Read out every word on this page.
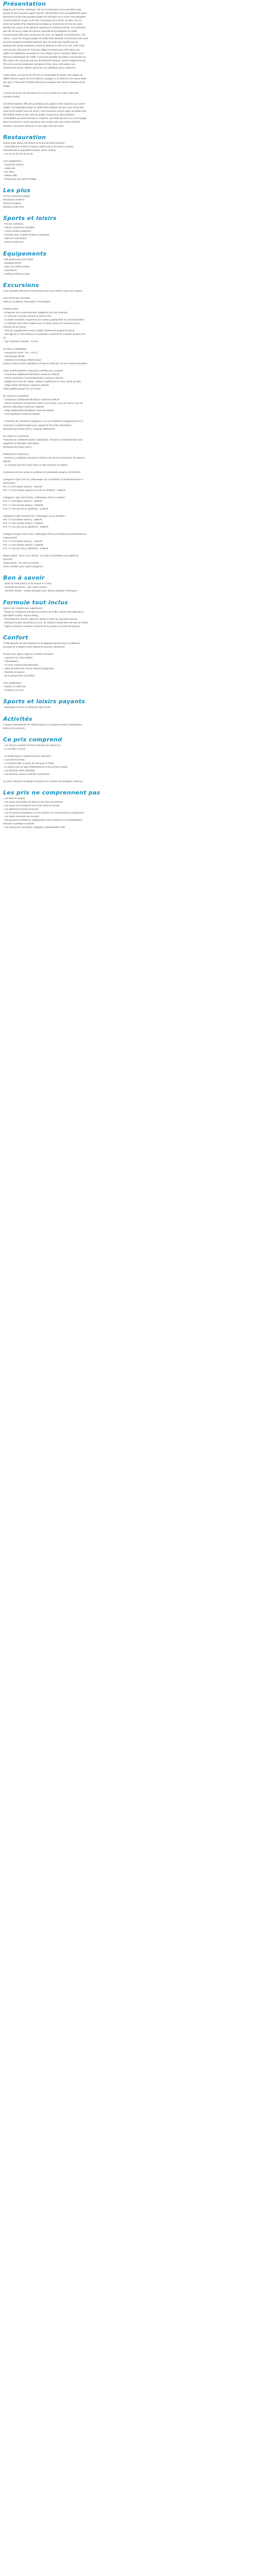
Présentation
Baignée par l'Océan Atlantique, l'île de Fuerteventura est la deuxième plus
grande île des Canaries après Tenerife. Elle bénéficie d'un ensoleillement quasi
permanent et des plus grandes plages de l'archipel. On y trouve des paysages
colorés tantôt de rouge ou de terre volcanique (au centre), du blanc de ses
dunes de sables (Parc Natural de Corralejo au nord) et du vert de ses oasis
plantées de cactus et de palmiers rappelant le continent africain. Fou étonnant
que l'île ait reçu le statut de réserve naturelle de la biosphère en 2009!
Fuerteventura offre pour sa douceur de vivre, on l'appelle communément « l'île
calme », pour ses longues plages de sable blanc (incitant au farniente mais aussi
pour les amateurs d'activité sportive). Elle est aussi très réputée pour la
pratique des sports nautiques comme la planche à voile ou le surf. Côté visite,
vous pourrez découvrir le charmant village de Betancuria niché dans une
vallée à la végétation luxuriante ou vous diriger vers le nord pour flâner sur le
petit port authentique de Cotillo. Il est aussi possible de passer une journée sur
l'île voisine de Lanzarote (20 min de traversée bateau). Sachez également que
l'île est le premier producteur européen d'Aloe Vera, cette plante aux
nombreuses vertus, utilisée aussi bien en esthétique qu'en médecine.
Costa calma, au sud est de l'île est un vrai paradis de sable ! Des plages de
sables blancs à perte de vue invitant le voyageur à la détente et au repos. Mais
pas que ! C'est aussi l'endroit idéal pour la pratique des sports nautiques et du
buggy.
À moins de 60 km de l'aéroport et à 2 km du centre de Costa Calma (20
minutes à pied).
Cet hôtel moderne offre des prestations de qualité et des chambres au confort
soigné. Sa magnifique plage de sable blanc baignée par des eaux turquoises
vous feront oublier tous vos soucis ! Des vacances sous le signe du plaisir avec
des buffets variés et des mets de qualité chaque jour, des chambres
confortables aux tons lumineux et colorées, une belle piscine et un accès plage
direct ou encore le centre Despacio Spa Centre avec ses 2 bains à bulles
extérieur, sa piscine intérieure et son large choix de soins.
Restauration
Durant votre séjour, bénéficiez de la formule demi-pension :
- Petit-déjeuner et dîner et repas à table (eau et vin servis compris) :
internationale et spécialités locales, show cooking
- 1/2 eau et 1/4 de vin inclus.
Avec supplément :
- Snack-bar piscine.
- Lobby bar.
- Bar disco.
- Milkes caffe.
- Restaurant à la carte Privilège.
Les plus
Proche immenses plages
Décoration moderne
Services soignés
Détente et bien-être
Sports et loisirs
- Piscine extérieure.
- Piscine couverte et chauffée.
- 1 bain à bulles extérieurs
- Terrasse avec chaises longues et parasols.
- Salle de musculation.
- Sauna et bain turc.
Equipements
- Wifi gratuit dans tout l'hôtel.
- Boutique (€UR).
- Salon de coiffure (€UR).
- Ascenseurs.
- Parking extérieur gratuit.
Excursions
Vous souhaitez découvrir Fuerteventura par vous-même, louez une voiture !
LOCATION DE VOITURE
Tarifs et conditions, réservation à l'inscription:
FORMALITES
- Empreinte de la carte bancaire obligatoire pour les locations.
- Le véhicule n'est pas autorisé à sortir de l'île.
- Conduite autorisée uniquement sur routes goudronnées et conventionnelles.
- Le véhicule devra être restitué avec le même niveau de carburant qu'au
moment de sa remise.
- Tous les suppléments seront à régler directement auprès du loueur.
- Être âgé de 21 ans minimum et posséder un permis de conduire de plus d'un
an.
- Âge maximum autorisé : 72 ans.
LE PRIX COMPREND
- Assurances CDW - PAI - TP (1)
- Kilométrage illimité.
- Assistance technique téléphonique.
(1)Sous réserve d'une utilisation normale du véhicule, sur des routes praticables
AVEC SUPPLEMENT A REGLER AUPRES DU LOUEUR
- Conducteur additionnel 5€UR/jour maximum 30€UR.
- Jeune conducteur ( 25 ans)6€UR/jour maximum 60€UR.
- Dégâts sur le bas de caisse, châssis, équilibrures et roues, perte de clés.
- Siège enfant 3€UR/jour, maximum 30€UR.
Tarifs valables jusqu'à fin avril 2019 :
Du 01/05 au 31/10/2019 :
- Conducteur additionnel 6€UR/jour maximum 60€UR
- Jeune conducteur (conducteur entre 23 et 25 ans, avec au moins 2 ans de
permis) 10€UR/jour maximum 100€UR
- Siège bébé/enfant 5€UR/jour maximum 50€UR
- GPS 5€UR/jour maximum 50€UR
- Franchise de 1200€UR (catégories A et H) et 1250€UR (catégories B et C).
Assurance complémentaire pour supprimer franchise 10€UR/jour.
Montants hors taxes (IGIC), Jusqu'au 30/04/2019
Du 01/05 au 31/10/2019 :
Franchise de 1200€UR (toutes catégories). Assurance complémentaire pour
supprimer la franchise 10€UR/jour.
Montants hors taxes (IGIC).
REMISE DU VEHICULE
- Remise ou restitution aéroport en dehors des heures d'ouverture de l'agence
30€UR.
- Le véhicule doit être rendu dans un état conforme au départ.
Ci-dessous prix de vente et conditions du prestataire jusqu'au 31/10/2019 :
Catégorie A type Ford Ka, Volkswagen Up ou similaire (3 portes/maximum 4
personnes) :
Prix 7 X 24H (Base saison) : 161€UR
Prix 7 X 24H (Haute saison) et du 05 au 25/08/19 : 196€UR
Catégorie L type Ford Fiesta, Volkswagen Polo ou similaire :
Prix 7 X 24H (Base saison) : 168€UR
Prix 7 X 24H (Haute saison) : 203€UR
Prix 7 X 24H (du 05 au 25/08/19) : 210€UR
Catégorie H type Renault Clio, Volkswagen Up ou similaire :
Prix 7 X 24H (Base saison) : 168€UR
Prix 7 X 24H (Haute saison) : 203€UR
Prix 7 X 24H (du 05 au 25/08/19) : 196€UR
Catégorie B type Ford Focus, Volkswagen Polo ou similaire (5 portes/maximum
5 personnes) :
Prix 7 X 24H (Base saison) : 175€UR
Prix 7 X 24H (Haute saison) : 210€UR
Prix 7 X 24H (du 05 au 25/08/19) : 182€UR
Basse saison : du 6/ 5 au 14/4/19 , du 22/04 au 04/08/19 et du 26/08 au
31/10/19
Haute saison : du 15/4 au 21/4/19
Nous consulter pour autres catégories.
Bon à savoir
- Dîner de Noël (25/12) et du Nouvel An inclus.
- Serviette de piscine : prêt contre caution.
- Transfert shuttle : navette partagée avec attente possible à l'aéroport.
Formule tout inclus
Option tout compris avec supplément :
- Repas au restaurant principal sous forme de buffet, cuisine internationale et
spécialités locales, show-cooking.
- Petit-déjeuner, brunch, déjeuner, goûter et dîner au snack-bar piscine.
- Boissons locales alcoolisées ou non, de 10h00 à 23h00 dans les bars de l'hôtel.
- Tapas et snacks à certains moments de la journée au snack-bar piscine.
Confort
L'hôtel dispose de 333 chambres et bungalows répartis dans un bâtiment
principal de 3 étages et des bâtiments annexes, ascenseur.
Durant votre séjour, logez en chambre standard :
- 1 grand lit ou 2 lits simples.
- Climatisation.
- TV avec chaînes internationales.
- Salle de bains avec sèche-cheveux (baignoire).
- Terrasse ou balcon.
- Wi-Fi gratuit dans tout l'hôtel.
Avec supplément :
- Minibar et coffre-fort.
- Chambre vue mer.
Sports et loisirs payants
- Massages et soins au Despacio Spa Center.
Activités
L'équipe internationale de l'hôtel propose un programme léger d'animations
diurnes et nocturnes.
Ce prix comprend
- Les vols au comptoir FRAM à l'aéroport de départ (1).
- Le vol aller et retour.
- Le forfait taxes et redevances des aéroports.
- L'accueil à l'arrivée.
- Le transfert aller et retour de l'aéroport à l'hôtel.
- Le séjour selon le type d'hébergement et de pension choisis.
- Les boissons selon descriptif.
- Les services, taxes et activités mentionnés.
(1) Selon aéroport de départ et soumis à un nombre de passagers minimum.
Les prix ne comprennent pas
- Les frais de dossier.
- Les taxes éventuelles de séjour et de sortie du territoire.
- Les repas et les boissons non inclus dans la formule.
- Les dépenses d'ordre personnel.
- Les excursions facultatives, et les activités non mentionnées au programme.
- Les repas éventuels aux escales.
- Les garanties assistance, rapatriement, frais médicaux et d'hospitalisation,
assurance juridique et pénale.
- Les assurances annulation, bagages, responsabilité civile.
